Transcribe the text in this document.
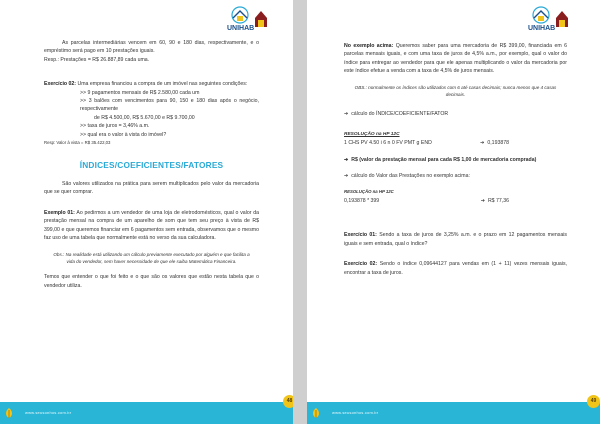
UNIHAB

As parcelas intermediárias vencem em 60, 90 e 180 dias, respectivamente, e o empréstimo será pago em 10 prestações iguais.

Resp.: Prestações = R$ 26.887,89 cada uma.

Exercício 02: Uma empresa financiou a compra de um imóvel nas seguintes condições:

>> 9 pagamentos mensais de R$ 2.580,00 cada um

>> 3 balões com vencimentos para 90, 150 e 180 dias após o negócio, respectivamente

de R$ 4.500,00, R$ 5.670,00 e R$ 9.700,00

>> taxa de juros = 3,46% a.m.

>> qual era o valor à vista do imóvel?

Resp: Valor à vista = R$ 35.422,03

ÍNDICES/COEFICIENTES/FATORES

São valores utilizados na prática para serem multiplicados pelo valor da mercadoria que se quer comprar.

Exemplo 01: Ao pedirmos a um vendedor de uma loja de eletrodomésticos, qual o valor da prestação mensal na compra de um aparelho de som que tem seu preço à vista de R$ 399,00 e que queremos financiar em 6 pagamentos sem entrada, observamos que o mesmo faz uso de uma tabela que normalmente está no verso da sua calculadora.

Obs.: Na realidade está utilizando um cálculo previamente executado por alguém e que facilita a vida do vendedor, sem haver necessidade de que ele saiba Matemática Financeira.

Temos que entender o que foi feito e o que são os valores que estão nesta tabela que o vendedor utiliza.

www.seusonhos.com.br
48
UNIHAB

No exemplo acima: Queremos saber para uma mercadoria de R$ 399,00, financiada em 6 parcelas mensais iguais, e com uma taxa de juros de 4,5% a.m., por exemplo, qual o valor do índice para entregar ao vendedor para que ele apenas multiplicando o valor da mercadoria por este índice efetue a venda com a taxa de 4,5% de juros mensais.

OBS.: normalmente os índices são utilizados com 6 até casas decimais; nunca menos que 4 casas decimais.

➔ cálculo do ÍNDICE/COEFICIENTE/FATOR

RESOLUÇÃO na HP 12C

1 CHS PV 4.50 i 6 n 0 FV PMT g END	➔ 0,193878

➔ R$ (valor da prestação mensal para cada R$ 1,00 de mercadoria comprada)

➔ cálculo do Valor das Prestações no exemplo acima:

RESOLUÇÃO na HP 12C

0,193878 * 399	➔ R$ 77,36

Exercício 01: Sendo a taxa de juros de 3,25% a.m. e o prazo em 12 pagamentos mensais iguais e sem entrada, qual o índice?

Exercício 02: Sendo o índice 0,09644127 para vendas em (1 + 11) vezes mensais iguais, encontrar a taxa de juros.

www.seusonhos.com.br
49
